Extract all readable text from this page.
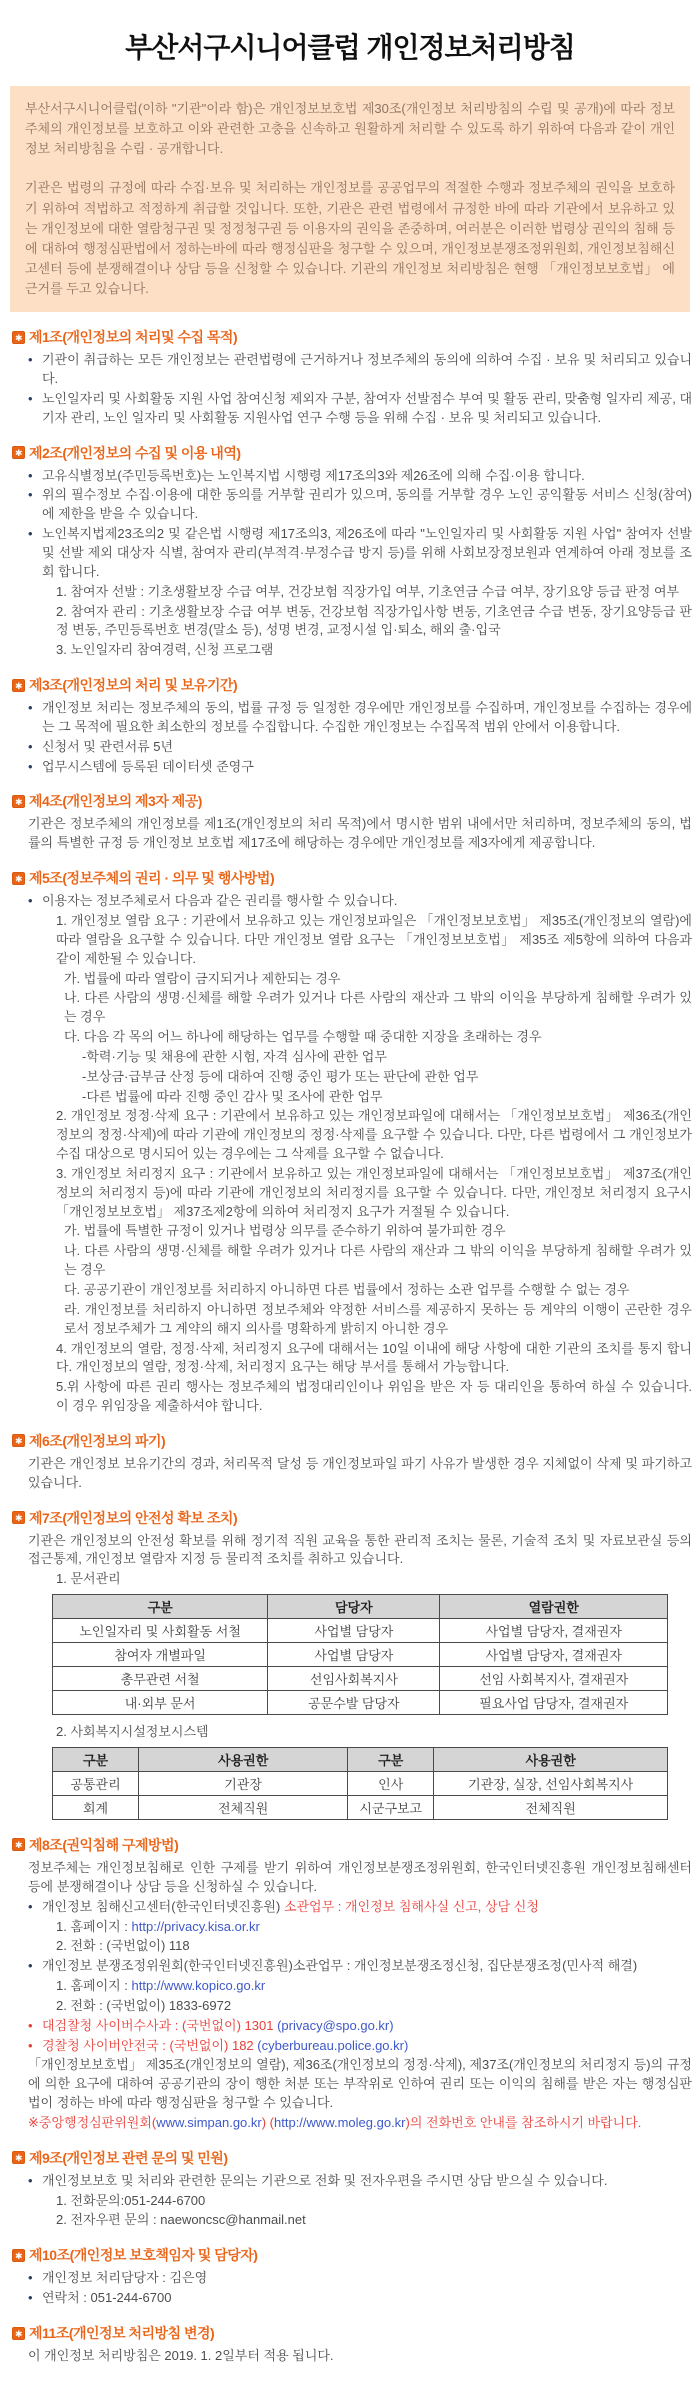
부산서구시니어클럽 개인정보처리방침

부산서구시니어클럽(이하 "기관"이라 함)은 개인정보보호법 제30조(개인정보 처리방침의 수립 및 공개)에 따라 정보주체의 개인정보를 보호하고 이와 관련한 고충을 신속하고 원활하게 처리할 수 있도록 하기 위하여 다음과 같이 개인정보 처리방침을 수립 · 공개합니다.

기관은 법령의 규정에 따라 수집·보유 및 처리하는 개인정보를 공공업무의 적절한 수행과 정보주체의 권익을 보호하기 위하여 적법하고 적정하게 취급할 것입니다. 또한, 기관은 관련 법령에서 규정한 바에 따라 기관에서 보유하고 있는 개인정보에 대한 열람청구권 및 정정청구권 등 이용자의 권익을 존중하며, 여러분은 이러한 법령상 권익의 침해 등에 대하여 행정심판법에서 정하는바에 따라 행정심판을 청구할 수 있으며, 개인정보분쟁조정위원회, 개인정보침해신고센터 등에 분쟁해결이나 상담 등을 신청할 수 있습니다. 기관의 개인정보 처리방침은 현행 「개인정보보호법」 에 근거를 두고 있습니다.

✱ 제1조(개인정보의 처리및 수집 목적)
• 기관이 취급하는 모든 개인정보는 관련법령에 근거하거나 정보주체의 동의에 의하여 수집 · 보유 및 처리되고 있습니다.
• 노인일자리 및 사회활동 지원 사업 참여신청 제외자 구분, 참여자 선발점수 부여 및 활동 관리, 맞춤형 일자리 제공, 대기자 관리, 노인 일자리 및 사회활동 지원사업 연구 수행 등을 위해 수집 · 보유 및 처리되고 있습니다.
✱ 제2조(개인정보의 수집 및 이용 내역)
• 고유식별정보(주민등록번호)는 노인복지법 시행령 제17조의3와 제26조에 의해 수집·이용 합니다.
• 위의 필수정보 수집·이용에 대한 동의를 거부할 권리가 있으며, 동의를 거부할 경우 노인 공익활동 서비스 신청(참여)에 제한을 받을 수 있습니다.
• 노인복지법제23조의2 및 같은법 시행령 제17조의3, 제26조에 따라 "노인일자리 및 사회활동 지원 사업" 참여자 선발 및 선발 제외 대상자 식별, 참여자 관리(부적격·부정수급 방지 등)를 위해 사회보장정보원과 연계하여 아래 정보를 조회 합니다.
1. 참여자 선발 : 기초생활보장 수급 여부, 건강보험 직장가입 여부, 기초연금 수급 여부, 장기요양 등급 판정 여부
2. 참여자 관리 : 기초생활보장 수급 여부 변동, 건강보험 직장가입사항 변동, 기초연금 수급 변동, 장기요양등급 판정 변동, 주민등록번호 변경(말소 등), 성명 변경, 교정시설 입·퇴소, 해외 출·입국
3. 노인일자리 참여경력, 신청 프로그램
✱ 제3조(개인정보의 처리 및 보유기간)
• 개인정보 처리는 정보주체의 동의, 법률 규정 등 일정한 경우에만 개인정보를 수집하며, 개인정보를 수집하는 경우에는 그 목적에 필요한 최소한의 정보를 수집합니다. 수집한 개인정보는 수집목적 범위 안에서 이용합니다.
• 신청서 및 관련서류 5년
• 업무시스템에 등록된 데이터셋 준영구
✱ 제4조(개인정보의 제3자 제공)
기관은 정보주체의 개인정보를 제1조(개인정보의 처리 목적)에서 명시한 범위 내에서만 처리하며, 정보주체의 동의, 법률의 특별한 규정 등 개인정보 보호법 제17조에 해당하는 경우에만 개인정보를 제3자에게 제공합니다.
✱ 제5조(정보주체의 권리 · 의무 및 행사방법)
• 이용자는 정보주체로서 다음과 같은 권리를 행사할 수 있습니다.
1. 개인정보 열람 요구 : 기관에서 보유하고 있는 개인정보파일은 「개인정보보호법」 제35조(개인정보의 열람)에 따라 열람을 요구할 수 있습니다. 다만 개인정보 열람 요구는 「개인정보보호법」 제35조 제5항에 의하여 다음과 같이 제한될 수 있습니다.
가. 법률에 따라 열람이 금지되거나 제한되는 경우
나. 다른 사람의 생명·신체를 해할 우려가 있거나 다른 사람의 재산과 그 밖의 이익을 부당하게 침해할 우려가 있는 경우
다. 다음 각 목의 어느 하나에 해당하는 업무를 수행할 때 중대한 지장을 초래하는 경우
-학력·기능 및 채용에 관한 시험, 자격 심사에 관한 업무
-보상금·급부금 산정 등에 대하여 진행 중인 평가 또는 판단에 관한 업무
-다른 법률에 따라 진행 중인 감사 및 조사에 관한 업무
2. 개인정보 정정·삭제 요구 : 기관에서 보유하고 있는 개인정보파일에 대해서는 「개인정보보호법」 제36조(개인정보의 정정·삭제)에 따라 기관에 개인정보의 정정·삭제를 요구할 수 있습니다. 다만, 다른 법령에서 그 개인정보가 수집 대상으로 명시되어 있는 경우에는 그 삭제를 요구할 수 없습니다.
3. 개인정보 처리정지 요구 : 기관에서 보유하고 있는 개인정보파일에 대해서는 「개인정보보호법」 제37조(개인정보의 처리정지 등)에 따라 기관에 개인정보의 처리정지를 요구할 수 있습니다. 다만, 개인정보 처리정지 요구시 「개인정보보호법」 제37조제2항에 의하여 처리정지 요구가 거절될 수 있습니다.
가. 법률에 특별한 규정이 있거나 법령상 의무를 준수하기 위하여 불가피한 경우
나. 다른 사람의 생명·신체를 해할 우려가 있거나 다른 사람의 재산과 그 밖의 이익을 부당하게 침해할 우려가 있는 경우
다. 공공기관이 개인정보를 처리하지 아니하면 다른 법률에서 정하는 소관 업무를 수행할 수 없는 경우
라. 개인정보를 처리하지 아니하면 정보주체와 약정한 서비스를 제공하지 못하는 등 계약의 이행이 곤란한 경우로서 정보주체가 그 계약의 해지 의사를 명확하게 밝히지 아니한 경우
4. 개인정보의 열람, 정정·삭제, 처리정지 요구에 대해서는 10일 이내에 해당 사항에 대한 기관의 조치를 통지 합니다. 개인정보의 열람, 정정·삭제, 처리정지 요구는 해당 부서를 통해서 가능합니다.
5.위 사항에 따른 권리 행사는 정보주체의 법정대리인이나 위임을 받은 자 등 대리인을 통하여 하실 수 있습니다. 이 경우 위임장을 제출하셔야 합니다.
✱ 제6조(개인정보의 파기)
기관은 개인정보 보유기간의 경과, 처리목적 달성 등 개인정보파일 파기 사유가 발생한 경우 지체없이 삭제 및 파기하고 있습니다.
✱ 제7조(개인정보의 안전성 확보 조치)
기관은 개인정보의 안전성 확보를 위해 정기적 직원 교육을 통한 관리적 조치는 물론, 기술적 조치 및 자료보관실 등의 접근통제, 개인정보 열람자 지정 등 물리적 조치를 취하고 있습니다.
1. 문서관리
구분	담당자	열람권한
노인일자리 및 사회활동 서철	사업별 담당자	사업별 담당자, 결재권자
참여자 개별파일	사업별 담당자	사업별 담당자, 결재권자
총무관련 서철	선임사회복지사	선임 사회복지사, 결재권자
내·외부 문서	공문수발 담당자	필요사업 담당자, 결재권자
2. 사회복지시설정보시스템
구분	사용권한	구분	사용권한
공통관리	기관장	인사	기관장, 실장, 선임사회복지사
회계	전체직원	시군구보고	전체직원
✱ 제8조(권익침해 구제방법)
정보주체는 개인정보침해로 인한 구제를 받기 위하여 개인정보분쟁조정위원회, 한국인터넷진흥원 개인정보침해센터 등에 분쟁해결이나 상담 등을 신청하실 수 있습니다.
• 개인정보 침해신고센터(한국인터넷진흥원) 소관업무 : 개인정보 침해사실 신고, 상담 신청
1. 홈페이지 : http://privacy.kisa.or.kr
2. 전화 : (국번없이) 118
• 개인정보 분쟁조정위원회(한국인터넷진흥원)소관업무 : 개인정보분쟁조정신청, 집단분쟁조정(민사적 해결)
1. 홈페이지 : http://www.kopico.go.kr
2. 전화 : (국번없이) 1833-6972
• 대검찰청 사이버수사과 : (국번없이) 1301 (privacy@spo.go.kr)
• 경찰청 사이버안전국 : (국번없이) 182 (cyberbureau.police.go.kr)
「개인정보보호법」 제35조(개인정보의 열람), 제36조(개인정보의 정정·삭제), 제37조(개인정보의 처리정지 등)의 규정에 의한 요구에 대하여 공공기관의 장이 행한 처분 또는 부작위로 인하여 권리 또는 이익의 침해를 받은 자는 행정심판법이 정하는 바에 따라 행정심판을 청구할 수 있습니다.
※중앙행정심판위원회(www.simpan.go.kr) (http://www.moleg.go.kr)의 전화번호 안내를 참조하시기 바랍니다.
✱ 제9조(개인정보 관련 문의 및 민원)
• 개인정보보호 및 처리와 관련한 문의는 기관으로 전화 및 전자우편을 주시면 상담 받으실 수 있습니다.
1. 전화문의:051-244-6700
2. 전자우편 문의 : naewoncsc@hanmail.net
✱ 제10조(개인정보 보호책임자 및 담당자)
• 개인정보 처리담당자 : 김은영
• 연락처 : 051-244-6700
✱ 제11조(개인정보 처리방침 변경)
이 개인정보 처리방침은 2019. 1. 2일부터 적용 됩니다.
